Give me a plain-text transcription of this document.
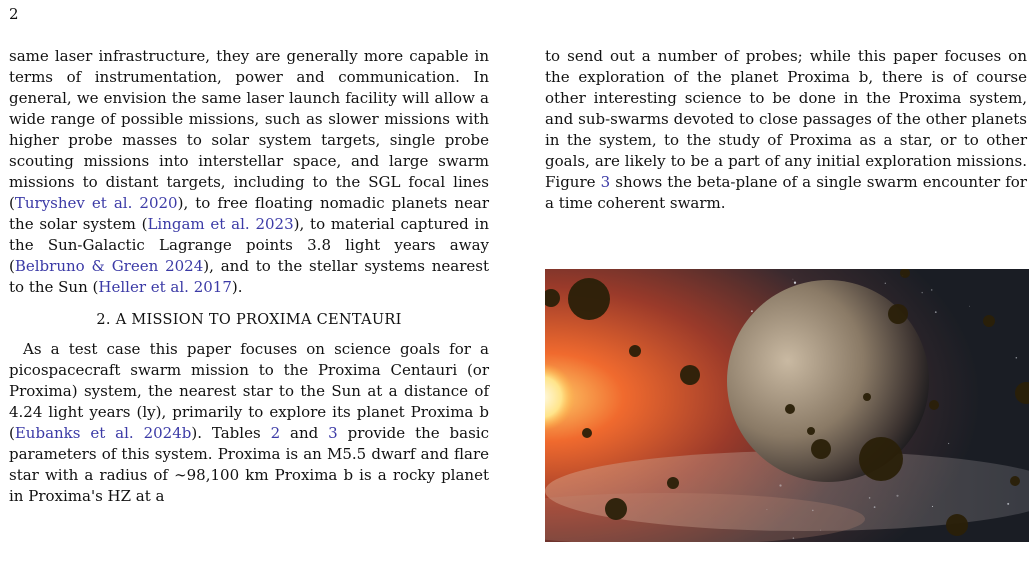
2

same laser infrastructure, they are generally more capable in terms of instrumentation, power and communication. In general, we envision the same laser launch facility will allow a wide range of possible missions, such as slower missions with higher probe masses to solar system targets, single probe scouting missions into interstellar space, and large swarm missions to distant targets, including to the SGL focal lines (Turyshev et al. 2020), to free floating nomadic planets near the solar system (Lingam et al. 2023), to material captured in the Sun-Galactic Lagrange points 3.8 light years away (Belbruno & Green 2024), and to the stellar systems nearest to the Sun (Heller et al. 2017).

2. A MISSION TO PROXIMA CENTAURI

As a test case this paper focuses on science goals for a picospacecraft swarm mission to the Proxima Centauri (or Proxima) system, the nearest star to the Sun at a distance of 4.24 light years (ly), primarily to explore its planet Proxima b (Eubanks et al. 2024b). Tables 2 and 3 provide the basic parameters of this system. Proxima is an M5.5 dwarf and flare star with a radius of ∼98,100 km Proxima b is a rocky planet in Proxima's HZ at a

to send out a number of probes; while this paper focuses on the exploration of the planet Proxima b, there is of course other interesting science to be done in the Proxima system, and sub-swarms devoted to close passages of the other planets in the system, to the study of Proxima as a star, or to other goals, are likely to be a part of any initial exploration missions. Figure 3 shows the beta-plane of a single swarm encounter for a time coherent swarm.
